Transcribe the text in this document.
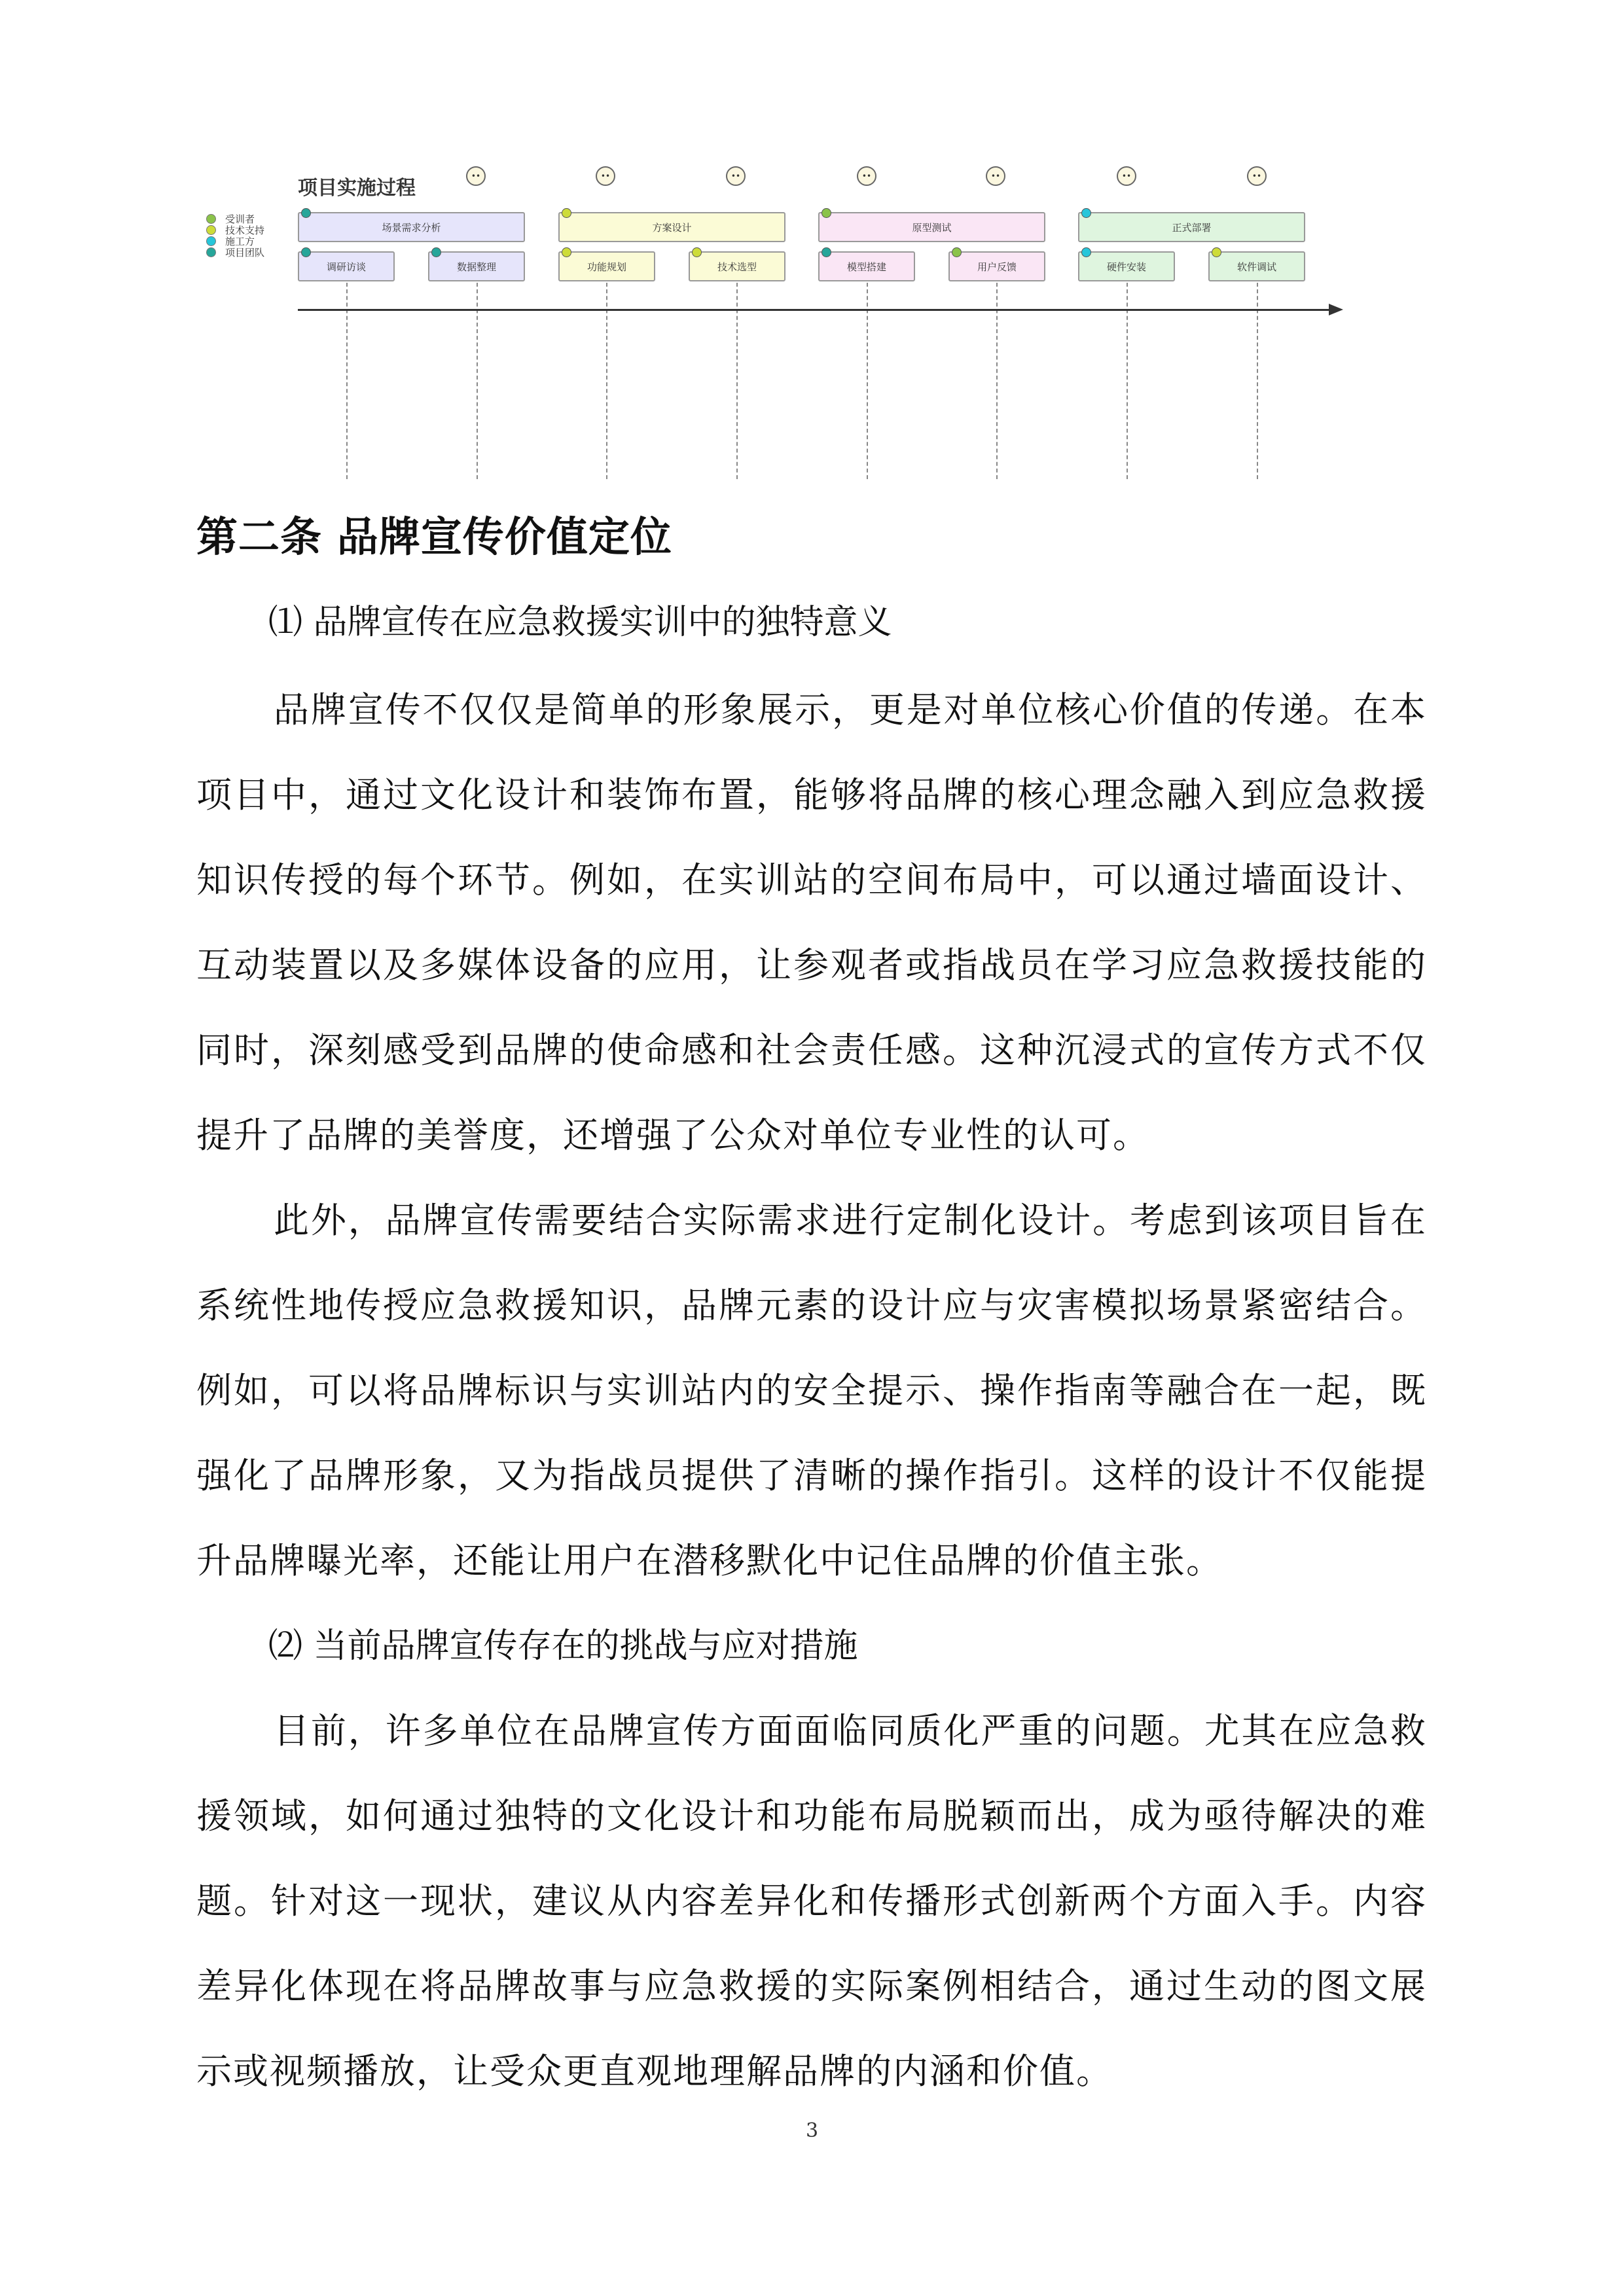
项目实施过程
受训者
技术支持
施工方
项目团队
••	••	••	••	••	••	••
场景需求分析	方案设计	原型测试	正式部署
调研访谈	数据整理	功能规划	技术选型	模型搭建	用户反馈	硬件安装	软件调试
第二条 品牌宣传价值定位
⑴ 品牌宣传在应急救援实训中的独特意义
品牌宣传不仅仅是简单的形象展示，更是对单位核心价值的传递。在本项目中，通过文化设计和装饰布置，能够将品牌的核心理念融入到应急救援知识传授的每个环节。例如，在实训站的空间布局中，可以通过墙面设计、互动装置以及多媒体设备的应用，让参观者或指战员在学习应急救援技能的同时，深刻感受到品牌的使命感和社会责任感。这种沉浸式的宣传方式不仅提升了品牌的美誉度，还增强了公众对单位专业性的认可。
此外，品牌宣传需要结合实际需求进行定制化设计。考虑到该项目旨在系统性地传授应急救援知识，品牌元素的设计应与灾害模拟场景紧密结合。例如，可以将品牌标识与实训站内的安全提示、操作指南等融合在一起，既强化了品牌形象，又为指战员提供了清晰的操作指引。这样的设计不仅能提升品牌曝光率，还能让用户在潜移默化中记住品牌的价值主张。
⑵ 当前品牌宣传存在的挑战与应对措施
目前，许多单位在品牌宣传方面面临同质化严重的问题。尤其在应急救援领域，如何通过独特的文化设计和功能布局脱颖而出，成为亟待解决的难题。针对这一现状，建议从内容差异化和传播形式创新两个方面入手。内容差异化体现在将品牌故事与应急救援的实际案例相结合，通过生动的图文展示或视频播放，让受众更直观地理解品牌的内涵和价值。
3
